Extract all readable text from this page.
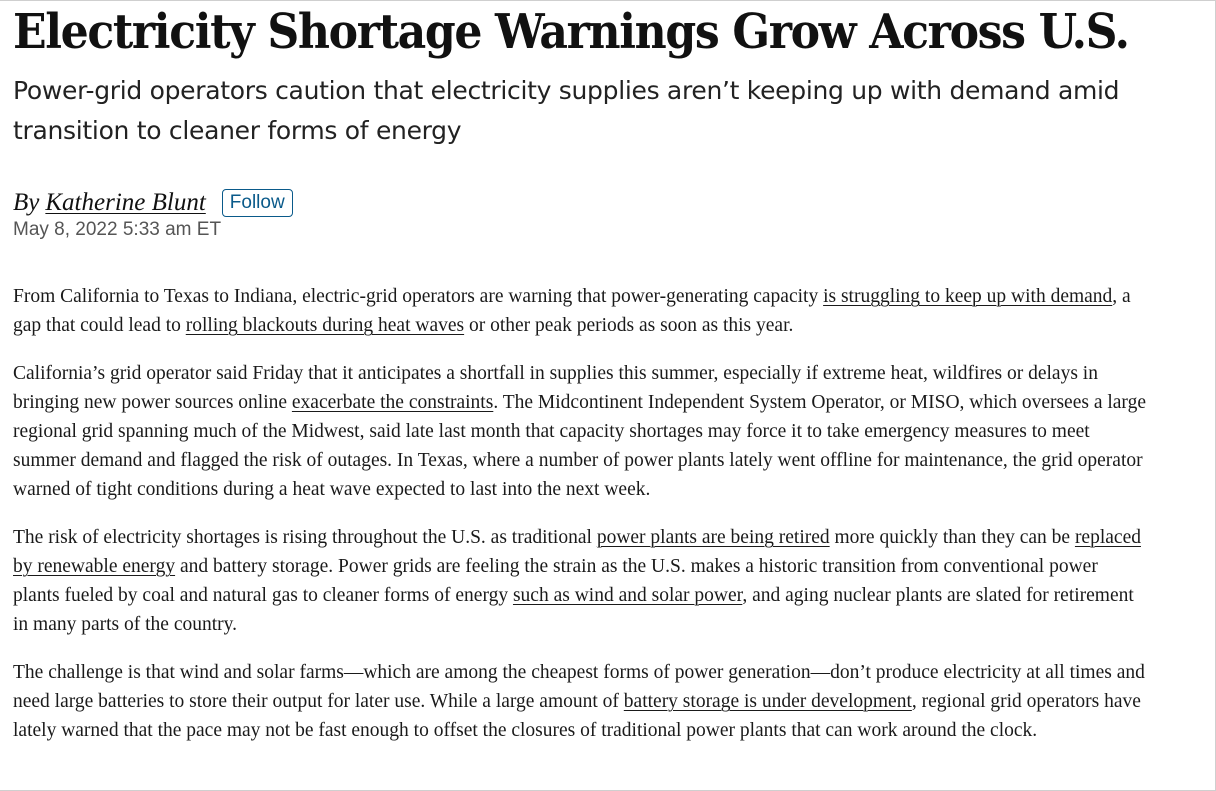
Electricity Shortage Warnings Grow Across U.S.
Power-grid operators caution that electricity supplies aren’t keeping up with demand amid transition to cleaner forms of energy
By Katherine Blunt	Follow
May 8, 2022 5:33 am ET

From California to Texas to Indiana, electric-grid operators are warning that power-generating capacity is struggling to keep up with demand, a gap that could lead to rolling blackouts during heat waves or other peak periods as soon as this year.

California’s grid operator said Friday that it anticipates a shortfall in supplies this summer, especially if extreme heat, wildfires or delays in bringing new power sources online exacerbate the constraints. The Midcontinent Independent System Operator, or MISO, which oversees a large regional grid spanning much of the Midwest, said late last month that capacity shortages may force it to take emergency measures to meet summer demand and flagged the risk of outages. In Texas, where a number of power plants lately went offline for maintenance, the grid operator warned of tight conditions during a heat wave expected to last into the next week.

The risk of electricity shortages is rising throughout the U.S. as traditional power plants are being retired more quickly than they can be replaced by renewable energy and battery storage. Power grids are feeling the strain as the U.S. makes a historic transition from conventional power plants fueled by coal and natural gas to cleaner forms of energy such as wind and solar power, and aging nuclear plants are slated for retirement in many parts of the country.

The challenge is that wind and solar farms—which are among the cheapest forms of power generation—don’t produce electricity at all times and need large batteries to store their output for later use. While a large amount of battery storage is under development, regional grid operators have lately warned that the pace may not be fast enough to offset the closures of traditional power plants that can work around the clock.
